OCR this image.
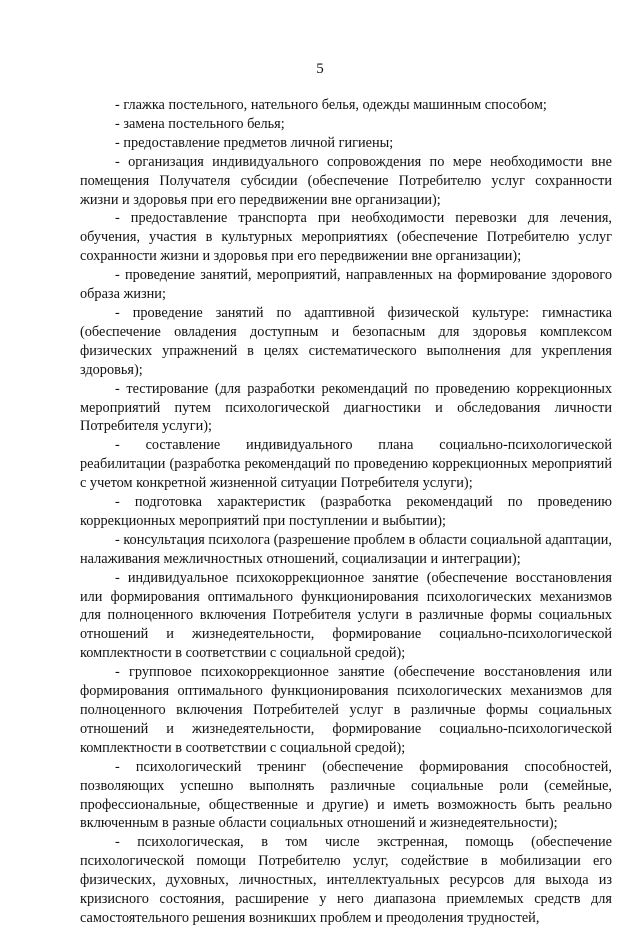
5

- глажка постельного, нательного белья, одежды машинным способом;

- замена постельного белья;

- предоставление предметов личной гигиены;

- организация индивидуального сопровождения по мере необходимости вне помещения Получателя субсидии (обеспечение Потребителю услуг сохранности жизни и здоровья при его передвижении вне организации);

- предоставление транспорта при необходимости перевозки для лечения, обучения, участия в культурных мероприятиях (обеспечение Потребителю услуг сохранности жизни и здоровья при его передвижении вне организации);

- проведение занятий, мероприятий, направленных на формирование здорового образа жизни;

- проведение занятий по адаптивной физической культуре: гимнастика (обеспечение овладения доступным и безопасным для здоровья комплексом физических упражнений в целях систематического выполнения для укрепления здоровья);

- тестирование (для разработки рекомендаций по проведению коррекционных мероприятий путем психологической диагностики и обследования личности Потребителя услуги);

- составление индивидуального плана социально-психологической реабилитации (разработка рекомендаций по проведению коррекционных мероприятий с учетом конкретной жизненной ситуации Потребителя услуги);

- подготовка характеристик (разработка рекомендаций по проведению коррекционных мероприятий при поступлении и выбытии);

- консультация психолога (разрешение проблем в области социальной адаптации, налаживания межличностных отношений, социализации и интеграции);

- индивидуальное психокоррекционное занятие (обеспечение восстановления или формирования оптимального функционирования психологических механизмов для полноценного включения Потребителя услуги в различные формы социальных отношений и жизнедеятельности, формирование социально-психологической комплектности в соответствии с социальной средой);

- групповое психокоррекционное занятие (обеспечение восстановления или формирования оптимального функционирования психологических механизмов для полноценного включения Потребителей услуг в различные формы социальных отношений и жизнедеятельности, формирование социально-психологической комплектности в соответствии с социальной средой);

- психологический тренинг (обеспечение формирования способностей, позволяющих успешно выполнять различные социальные роли (семейные, профессиональные, общественные и другие) и иметь возможность быть реально включенным в разные области социальных отношений и жизнедеятельности);

- психологическая, в том числе экстренная, помощь (обеспечение психологической помощи Потребителю услуг, содействие в мобилизации его физических, духовных, личностных, интеллектуальных ресурсов для выхода из кризисного состояния, расширение у него диапазона приемлемых средств для самостоятельного решения возникших проблем и преодоления трудностей,
